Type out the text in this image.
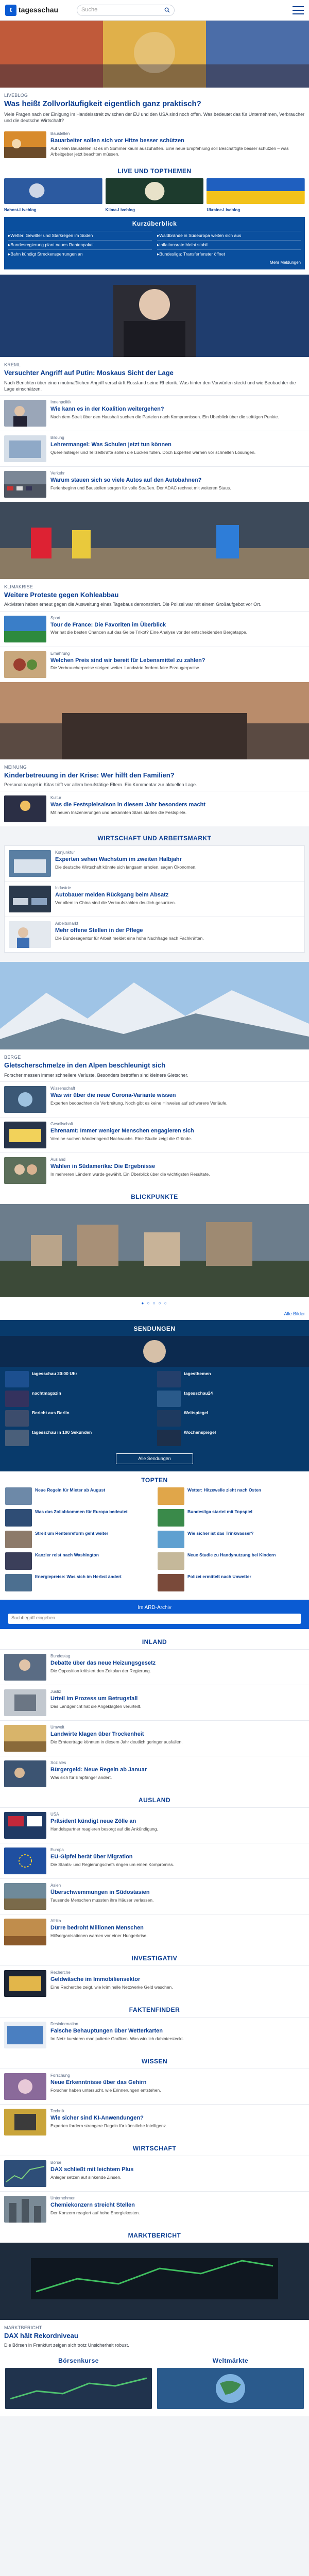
t tagesschau	Suche
LIVEBLOG
Was heißt Zollvorläufigkeit eigentlich ganz praktisch?
Viele Fragen nach der Einigung im Handelsstreit zwischen der EU und den USA sind noch offen. Was bedeutet das für Unternehmen, Verbraucher und die deutsche Wirtschaft?
Baustellen
Bauarbeiter sollen sich vor Hitze besser schützen
Auf vielen Baustellen ist es im Sommer kaum auszuhalten. Eine neue Empfehlung soll Beschäftigte besser schützen – was Arbeitgeber jetzt beachten müssen.
LIVE UND TOPTHEMEN
Nahost-Liveblog	Klima-Liveblog	Ukraine-Liveblog
Kurzüberblick
▸ Wetter: Gewitter und Starkregen im Süden
▸ Bundesregierung plant neues Rentenpaket
▸ Bahn kündigt Streckensperrungen an
▸ Waldbrände in Südeuropa weiten sich aus
▸ Inflationsrate bleibt stabil
▸ Bundesliga: Transferfenster öffnet
Mehr Meldungen
KREML
Versuchter Angriff auf Putin: Moskaus Sicht der Lage
Nach Berichten über einen mutmaßlichen Angriff verschärft Russland seine Rhetorik. Was hinter den Vorwürfen steckt und wie Beobachter die Lage einschätzen.
Innenpolitik
Wie kann es in der Koalition weitergehen?
Nach dem Streit über den Haushalt suchen die Parteien nach Kompromissen. Ein Überblick über die strittigen Punkte.
Bildung
Lehrermangel: Was Schulen jetzt tun können
Quereinsteiger und Teilzeitkräfte sollen die Lücken füllen. Doch Experten warnen vor schnellen Lösungen.
Verkehr
Warum stauen sich so viele Autos auf den Autobahnen?
Ferienbeginn und Baustellen sorgen für volle Straßen. Der ADAC rechnet mit weiteren Staus.
KLIMAKRISE
Weitere Proteste gegen Kohleabbau
Aktivisten haben erneut gegen die Ausweitung eines Tagebaus demonstriert. Die Polizei war mit einem Großaufgebot vor Ort.
Sport
Tour de France: Die Favoriten im Überblick
Wer hat die besten Chancen auf das Gelbe Trikot? Eine Analyse vor der entscheidenden Bergetappe.
Ernährung
Welchen Preis sind wir bereit für Lebensmittel zu zahlen?
Die Verbraucherpreise steigen weiter. Landwirte fordern faire Erzeugerpreise.
MEINUNG
Kinderbetreuung in der Krise: Wer hilft den Familien?
Personalmangel in Kitas trifft vor allem berufstätige Eltern. Ein Kommentar zur aktuellen Lage.
Kultur
Was die Festspielsaison in diesem Jahr besonders macht
Mit neuen Inszenierungen und bekannten Stars starten die Festspiele.
WIRTSCHAFT UND ARBEITSMARKT
Konjunktur
Experten sehen Wachstum im zweiten Halbjahr
Die deutsche Wirtschaft könnte sich langsam erholen, sagen Ökonomen.
Industrie
Autobauer melden Rückgang beim Absatz
Vor allem in China sind die Verkaufszahlen deutlich gesunken.
Arbeitsmarkt
Mehr offene Stellen in der Pflege
Die Bundesagentur für Arbeit meldet eine hohe Nachfrage nach Fachkräften.
BERGE
Gletscherschmelze in den Alpen beschleunigt sich
Forscher messen immer schnellere Verluste. Besonders betroffen sind kleinere Gletscher.
Wissenschaft
Was wir über die neue Corona-Variante wissen
Experten beobachten die Verbreitung. Noch gibt es keine Hinweise auf schwerere Verläufe.
Gesellschaft
Ehrenamt: Immer weniger Menschen engagieren sich
Vereine suchen händeringend Nachwuchs. Eine Studie zeigt die Gründe.
Ausland
Wahlen in Südamerika: Die Ergebnisse
In mehreren Ländern wurde gewählt. Ein Überblick über die wichtigsten Resultate.
BLICKPUNKTE
● ○ ○ ○ ○
Alle Bilder
SENDUNGEN
tagesschau 20:00 Uhr	tagesthemen
nachtmagazin	tagesschau24
Bericht aus Berlin	Weltspiegel
tagesschau in 100 Sekunden	Wochenspiegel
Alle Sendungen
TOPTEN
Neue Regeln für Mieter ab August	Wetter: Hitzewelle zieht nach Osten
Was das Zollabkommen für Europa bedeutet	Bundesliga startet mit Topspiel
Streit um Rentenreform geht weiter	Wie sicher ist das Trinkwasser?
Kanzler reist nach Washington	Neue Studie zu Handynutzung bei Kindern
Energiepreise: Was sich im Herbst ändert	Polizei ermittelt nach Unwetter
Im ARD-Archiv
Suchbegriff eingeben
INLAND
Bundestag
Debatte über das neue Heizungsgesetz
Die Opposition kritisiert den Zeitplan der Regierung.
Justiz
Urteil im Prozess um Betrugsfall
Das Landgericht hat die Angeklagten verurteilt.
Umwelt
Landwirte klagen über Trockenheit
Die Ernteerträge könnten in diesem Jahr deutlich geringer ausfallen.
Soziales
Bürgergeld: Neue Regeln ab Januar
Was sich für Empfänger ändert.
AUSLAND
USA
Präsident kündigt neue Zölle an
Handelspartner reagieren besorgt auf die Ankündigung.
Europa
EU-Gipfel berät über Migration
Die Staats- und Regierungschefs ringen um einen Kompromiss.
Asien
Überschwemmungen in Südostasien
Tausende Menschen mussten ihre Häuser verlassen.
Afrika
Dürre bedroht Millionen Menschen
Hilfsorganisationen warnen vor einer Hungerkrise.
INVESTIGATIV
Recherche
Geldwäsche im Immobiliensektor
Eine Recherche zeigt, wie kriminelle Netzwerke Geld waschen.
FAKTENFINDER
Desinformation
Falsche Behauptungen über Wetterkarten
Im Netz kursieren manipulierte Grafiken. Was wirklich dahintersteckt.
WISSEN
Forschung
Neue Erkenntnisse über das Gehirn
Forscher haben untersucht, wie Erinnerungen entstehen.
Technik
Wie sicher sind KI-Anwendungen?
Experten fordern strengere Regeln für künstliche Intelligenz.
WIRTSCHAFT
Börse
DAX schließt mit leichtem Plus
Anleger setzen auf sinkende Zinsen.
Unternehmen
Chemiekonzern streicht Stellen
Der Konzern reagiert auf hohe Energiekosten.
MARKTBERICHT
MARKTBERICHT
DAX hält Rekordniveau
Die Börsen in Frankfurt zeigen sich trotz Unsicherheit robust.
Börsenkurse	Weltmärkte
